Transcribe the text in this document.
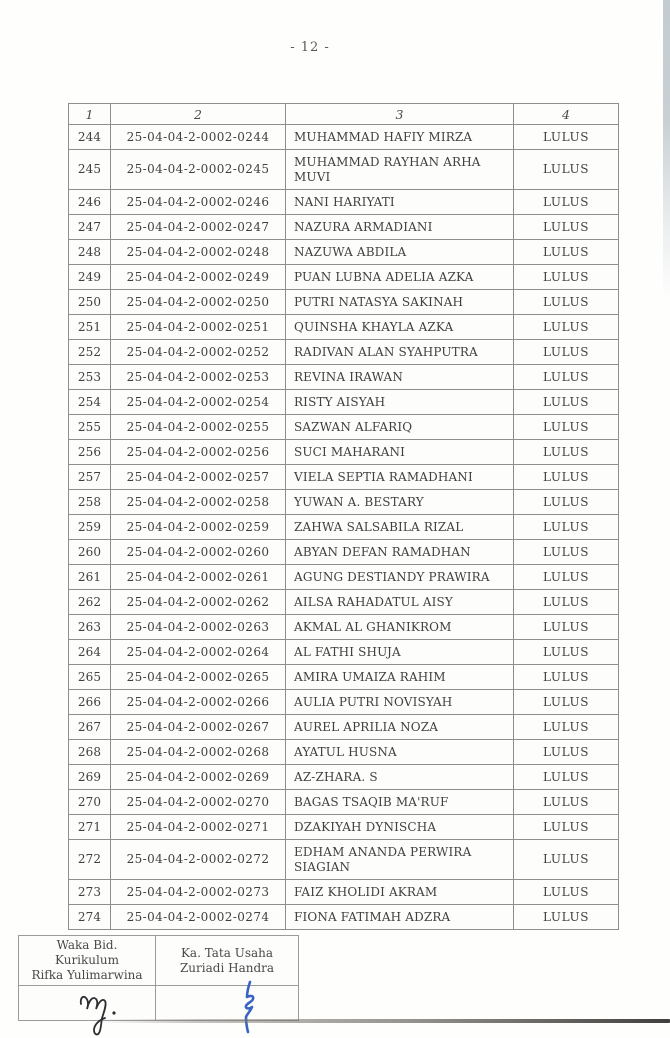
- 12 -
1	2	3	4
244	25-04-04-2-0002-0244	MUHAMMAD HAFIY MIRZA	LULUS
245	25-04-04-2-0002-0245	MUHAMMAD RAYHAN ARHA MUVI	LULUS
246	25-04-04-2-0002-0246	NANI HARIYATI	LULUS
247	25-04-04-2-0002-0247	NAZURA ARMADIANI	LULUS
248	25-04-04-2-0002-0248	NAZUWA ABDILA	LULUS
249	25-04-04-2-0002-0249	PUAN LUBNA ADELIA AZKA	LULUS
250	25-04-04-2-0002-0250	PUTRI NATASYA SAKINAH	LULUS
251	25-04-04-2-0002-0251	QUINSHA KHAYLA AZKA	LULUS
252	25-04-04-2-0002-0252	RADIVAN ALAN SYAHPUTRA	LULUS
253	25-04-04-2-0002-0253	REVINA IRAWAN	LULUS
254	25-04-04-2-0002-0254	RISTY AISYAH	LULUS
255	25-04-04-2-0002-0255	SAZWAN ALFARIQ	LULUS
256	25-04-04-2-0002-0256	SUCI MAHARANI	LULUS
257	25-04-04-2-0002-0257	VIELA SEPTIA RAMADHANI	LULUS
258	25-04-04-2-0002-0258	YUWAN A. BESTARY	LULUS
259	25-04-04-2-0002-0259	ZAHWA SALSABILA RIZAL	LULUS
260	25-04-04-2-0002-0260	ABYAN DEFAN RAMADHAN	LULUS
261	25-04-04-2-0002-0261	AGUNG DESTIANDY PRAWIRA	LULUS
262	25-04-04-2-0002-0262	AILSA RAHADATUL AISY	LULUS
263	25-04-04-2-0002-0263	AKMAL AL GHANIKROM	LULUS
264	25-04-04-2-0002-0264	AL FATHI SHUJA	LULUS
265	25-04-04-2-0002-0265	AMIRA UMAIZA RAHIM	LULUS
266	25-04-04-2-0002-0266	AULIA PUTRI NOVISYAH	LULUS
267	25-04-04-2-0002-0267	AUREL APRILIA NOZA	LULUS
268	25-04-04-2-0002-0268	AYATUL HUSNA	LULUS
269	25-04-04-2-0002-0269	AZ-ZHARA. S	LULUS
270	25-04-04-2-0002-0270	BAGAS TSAQIB MA'RUF	LULUS
271	25-04-04-2-0002-0271	DZAKIYAH DYNISCHA	LULUS
272	25-04-04-2-0002-0272	EDHAM ANANDA PERWIRA SIAGIAN	LULUS
273	25-04-04-2-0002-0273	FAIZ KHOLIDI AKRAM	LULUS
274	25-04-04-2-0002-0274	FIONA FATIMAH ADZRA	LULUS
Waka Bid. Kurikulum
Rifka Yulimarwina

Ka. Tata Usaha
Zuriadi Handra
